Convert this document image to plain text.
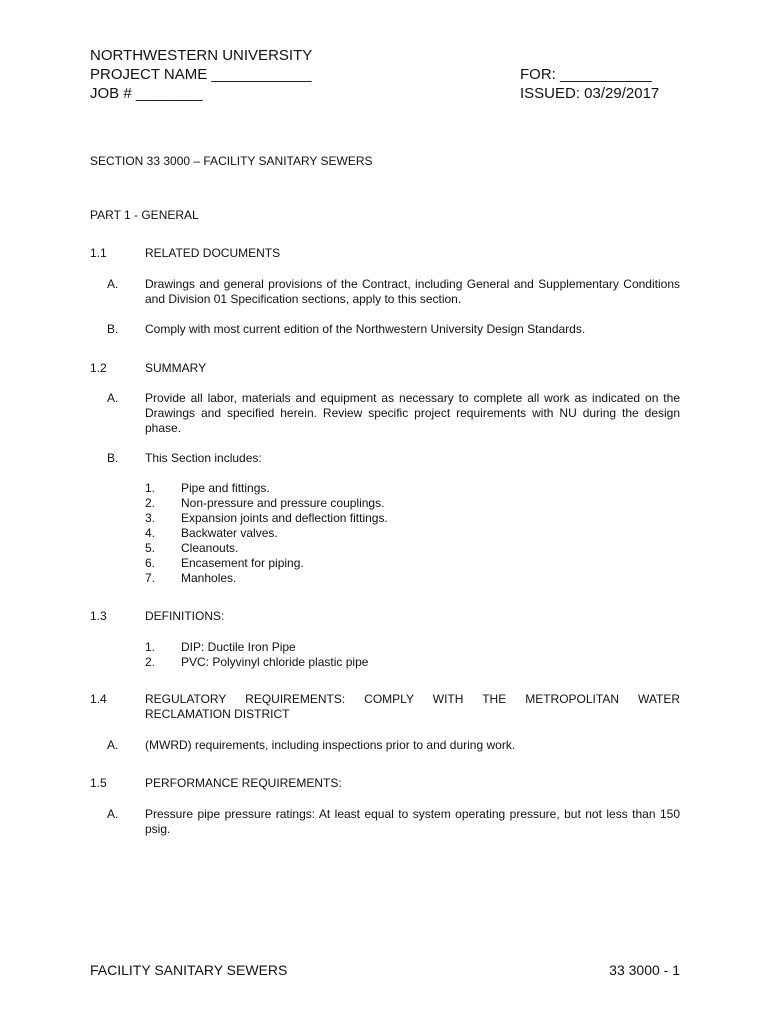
NORTHWESTERN UNIVERSITY
PROJECT NAME ____________
JOB # ________
FOR: ___________
ISSUED: 03/29/2017
SECTION 33 3000 – FACILITY SANITARY SEWERS
PART 1 - GENERAL
1.1	RELATED DOCUMENTS
A. Drawings and general provisions of the Contract, including General and Supplementary Conditions and Division 01 Specification sections, apply to this section.
B. Comply with most current edition of the Northwestern University Design Standards.
1.2	SUMMARY
A. Provide all labor, materials and equipment as necessary to complete all work as indicated on the Drawings and specified herein. Review specific project requirements with NU during the design phase.
B. This Section includes:
1. Pipe and fittings.
2. Non-pressure and pressure couplings.
3. Expansion joints and deflection fittings.
4. Backwater valves.
5. Cleanouts.
6. Encasement for piping.
7. Manholes.
1.3	DEFINITIONS:
1. DIP: Ductile Iron Pipe
2. PVC: Polyvinyl chloride plastic pipe
1.4	REGULATORY REQUIREMENTS: COMPLY WITH THE METROPOLITAN WATER
RECLAMATION DISTRICT
A. (MWRD) requirements, including inspections prior to and during work.
1.5	PERFORMANCE REQUIREMENTS:
A. Pressure pipe pressure ratings: At least equal to system operating pressure, but not less than 150 psig.
FACILITY SANITARY SEWERS	33 3000 - 1
